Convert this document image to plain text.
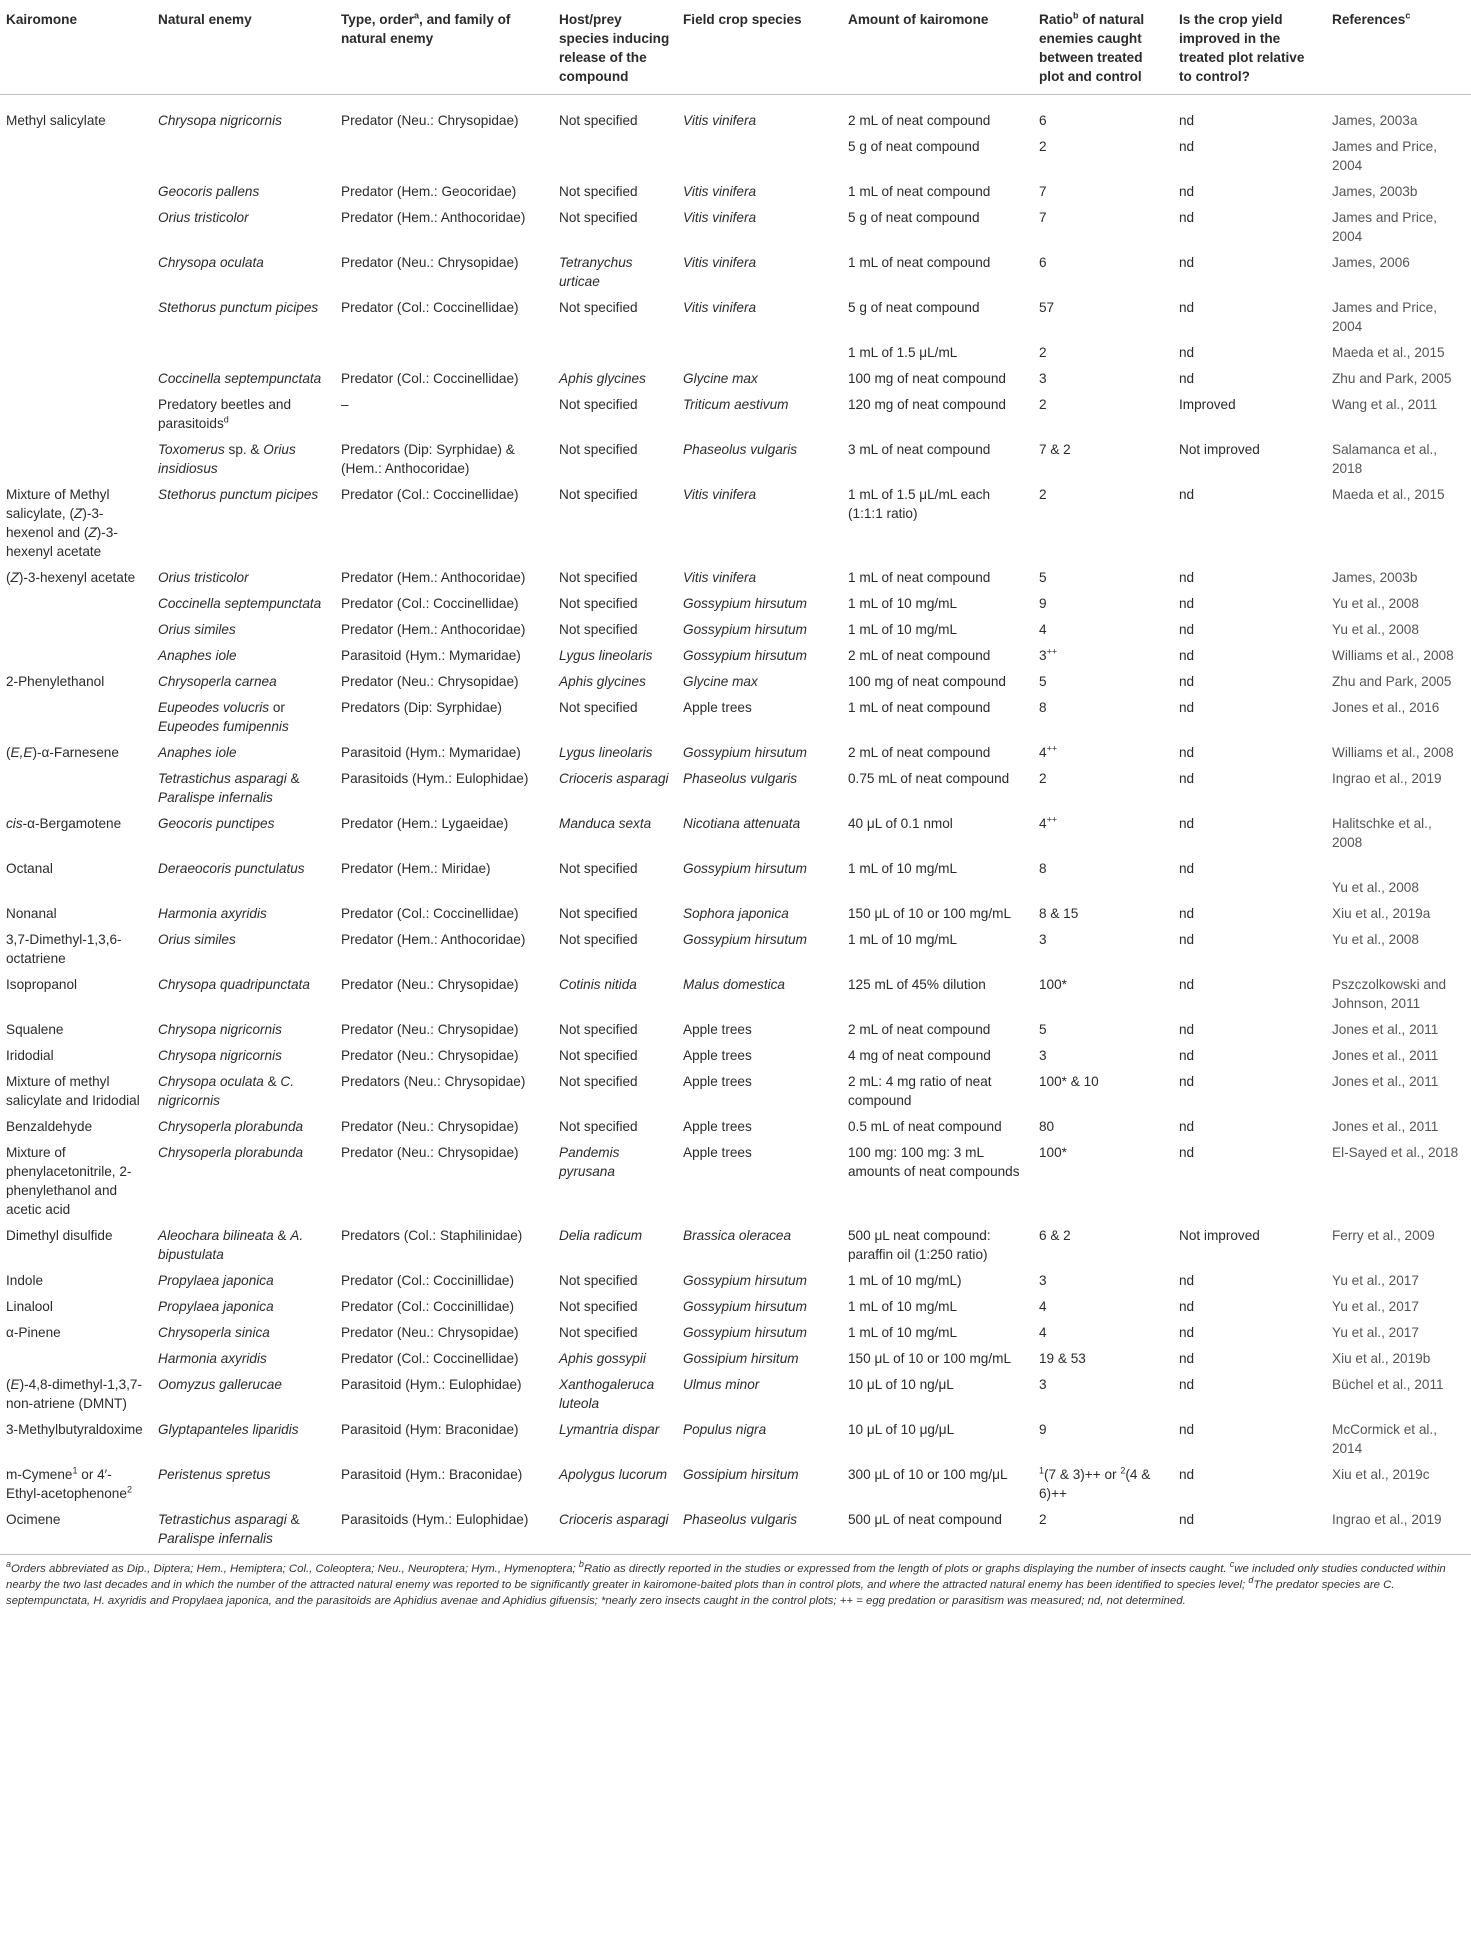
Kairomone	Natural enemy	Type, order$^a$, and family of natural enemy	Host/prey species inducing release of the compound	Field crop species	Amount of kairomone	Ratio$^b$ of natural enemies caught between treated plot and control	Is the crop yield improved in the treated plot relative to control?	References$^c$
Methyl salicylate	Chrysopa nigricornis	Predator (Neu.: Chrysopidae)	Not specified	Vitis vinifera	2 mL of neat compound	6	nd	James, 2003a
					5 g of neat compound	2	nd	James and Price, 2004
	Geocoris pallens	Predator (Hem.: Geocoridae)	Not specified	Vitis vinifera	1 mL of neat compound	7	nd	James, 2003b
	Orius tristicolor	Predator (Hem.: Anthocoridae)	Not specified	Vitis vinifera	5 g of neat compound	7	nd	James and Price, 2004
	Chrysopa oculata	Predator (Neu.: Chrysopidae)	Tetranychus urticae	Vitis vinifera	1 mL of neat compound	6	nd	James, 2006
	Stethorus punctum picipes	Predator (Col.: Coccinellidae)	Not specified	Vitis vinifera	5 g of neat compound	57	nd	James and Price, 2004
					1 mL of 1.5 μL/mL	2	nd	Maeda et al., 2015
	Coccinella septempunctata	Predator (Col.: Coccinellidae)	Aphis glycines	Glycine max	100 mg of neat compound	3	nd	Zhu and Park, 2005
	Predatory beetles and parasitoids$^d$	–	Not specified	Triticum aestivum	120 mg of neat compound	2	Improved	Wang et al., 2011
	Toxomerus sp. & Orius insidiosus	Predators (Dip: Syrphidae) & (Hem.: Anthocoridae)	Not specified	Phaseolus vulgaris	3 mL of neat compound	7 & 2	Not improved	Salamanca et al., 2018
Mixture of Methyl salicylate, (Z)-3-hexenol and (Z)-3- hexenyl acetate	Stethorus punctum picipes	Predator (Col.: Coccinellidae)	Not specified	Vitis vinifera	1 mL of 1.5 μL/mL each (1:1:1 ratio)	2	nd	Maeda et al., 2015
(Z)-3-hexenyl acetate	Orius tristicolor	Predator (Hem.: Anthocoridae)	Not specified	Vitis vinifera	1 mL of neat compound	5	nd	James, 2003b
	Coccinella septempunctata	Predator (Col.: Coccinellidae)	Not specified	Gossypium hirsutum	1 mL of 10 mg/mL	9	nd	Yu et al., 2008
	Orius similes	Predator (Hem.: Anthocoridae)	Not specified	Gossypium hirsutum	1 mL of 10 mg/mL	4	nd	Yu et al., 2008
	Anaphes iole	Parasitoid (Hym.: Mymaridae)	Lygus lineolaris	Gossypium hirsutum	2 mL of neat compound	3++	nd	Williams et al., 2008
2-Phenylethanol	Chrysoperla carnea	Predator (Neu.: Chrysopidae)	Aphis glycines	Glycine max	100 mg of neat compound	5	nd	Zhu and Park, 2005
	Eupeodes volucris or Eupeodes fumipennis	Predators (Dip: Syrphidae)	Not specified	Apple trees	1 mL of neat compound	8	nd	Jones et al., 2016
(E,E)-α-Farnesene	Anaphes iole	Parasitoid (Hym.: Mymaridae)	Lygus lineolaris	Gossypium hirsutum	2 mL of neat compound	4++	nd	Williams et al., 2008
	Tetrastichus asparagi & Paralispe infernalis	Parasitoids (Hym.: Eulophidae)	Crioceris asparagi	Phaseolus vulgaris	0.75 mL of neat compound	2	nd	Ingrao et al., 2019
cis-α-Bergamotene	Geocoris punctipes	Predator (Hem.: Lygaeidae)	Manduca sexta	Nicotiana attenuata	40 μL of 0.1 nmol	4++	nd	Halitschke et al., 2008
Octanal	Deraeocoris punctulatus	Predator (Hem.: Miridae)	Not specified	Gossypium hirsutum	1 mL of 10 mg/mL	8	nd	Yu et al., 2008
Nonanal	Harmonia axyridis	Predator (Col.: Coccinellidae)	Not specified	Sophora japonica	150 μL of 10 or 100 mg/mL	8 & 15	nd	Xiu et al., 2019a
3,7-Dimethyl-1,3,6-octatriene	Orius similes	Predator (Hem.: Anthocoridae)	Not specified	Gossypium hirsutum	1 mL of 10 mg/mL	3	nd	Yu et al., 2008
Isopropanol	Chrysopa quadripunctata	Predator (Neu.: Chrysopidae)	Cotinis nitida	Malus domestica	125 mL of 45% dilution	100*	nd	Pszczolkowski and Johnson, 2011
Squalene	Chrysopa nigricornis	Predator (Neu.: Chrysopidae)	Not specified	Apple trees	2 mL of neat compound	5	nd	Jones et al., 2011
Iridodial	Chrysopa nigricornis	Predator (Neu.: Chrysopidae)	Not specified	Apple trees	4 mg of neat compound	3	nd	Jones et al., 2011
Mixture of methyl salicylate and Iridodial	Chrysopa oculata & C. nigricornis	Predators (Neu.: Chrysopidae)	Not specified	Apple trees	2 mL: 4 mg ratio of neat compound	100* & 10	nd	Jones et al., 2011
Benzaldehyde	Chrysoperla plorabunda	Predator (Neu.: Chrysopidae)	Not specified	Apple trees	0.5 mL of neat compound	80	nd	Jones et al., 2011
Mixture of phenylacetonitrile, 2-phenylethanol and acetic acid	Chrysoperla plorabunda	Predator (Neu.: Chrysopidae)	Pandemis pyrusana	Apple trees	100 mg: 100 mg: 3 mL amounts of neat compounds	100*	nd	El-Sayed et al., 2018
Dimethyl disulfide	Aleochara bilineata & A. bipustulata	Predators (Col.: Staphilinidae)	Delia radicum	Brassica oleracea	500 μL neat compound: paraffin oil (1:250 ratio)	6 & 2	Not improved	Ferry et al., 2009
Indole	Propylaea japonica	Predator (Col.: Coccinillidae)	Not specified	Gossypium hirsutum	1 mL of 10 mg/mL)	3	nd	Yu et al., 2017
Linalool	Propylaea japonica	Predator (Col.: Coccinillidae)	Not specified	Gossypium hirsutum	1 mL of 10 mg/mL	4	nd	Yu et al., 2017
α-Pinene	Chrysoperla sinica	Predator (Neu.: Chrysopidae)	Not specified	Gossypium hirsutum	1 mL of 10 mg/mL	4	nd	Yu et al., 2017
	Harmonia axyridis	Predator (Col.: Coccinellidae)	Aphis gossypii	Gossipium hirsitum	150 μL of 10 or 100 mg/mL	19 & 53	nd	Xiu et al., 2019b
(E)-4,8-dimethyl-1,3,7-non-atriene (DMNT)	Oomyzus gallerucae	Parasitoid (Hym.: Eulophidae)	Xanthogaleruca luteola	Ulmus minor	10 μL of 10 ng/μL	3	nd	Büchel et al., 2011
3-Methylbutyraldoxime	Glyptapanteles liparidis	Parasitoid (Hym: Braconidae)	Lymantria dispar	Populus nigra	10 μL of 10 μg/μL	9	nd	McCormick et al., 2014
m-Cymene$^1$ or 4′-Ethyl-acetophenone$^2$	Peristenus spretus	Parasitoid (Hym.: Braconidae)	Apolygus lucorum	Gossipium hirsitum	300 μL of 10 or 100 mg/μL	$^1$(7 & 3)++ or $^2$(4 & 6)++	nd	Xiu et al., 2019c
Ocimene	Tetrastichus asparagi & Paralispe infernalis	Parasitoids (Hym.: Eulophidae)	Crioceris asparagi	Phaseolus vulgaris	500 μL of neat compound	2	nd	Ingrao et al., 2019
$^a$Orders abbreviated as Dip., Diptera; Hem., Hemiptera; Col., Coleoptera; Neu., Neuroptera; Hym., Hymenoptera; $^b$Ratio as directly reported in the studies or expressed from the length of plots or graphs displaying the number of insects caught. $^c$we included only studies conducted within nearby the two last decades and in which the number of the attracted natural enemy was reported to be significantly greater in kairomone-baited plots than in control plots, and where the attracted natural enemy has been identified to species level; $^d$The predator species are C. septempunctata, H. axyridis and Propylaea japonica, and the parasitoids are Aphidius avenae and Aphidius gifuensis; *nearly zero insects caught in the control plots; ++ = egg predation or parasitism was measured; nd, not determined.
